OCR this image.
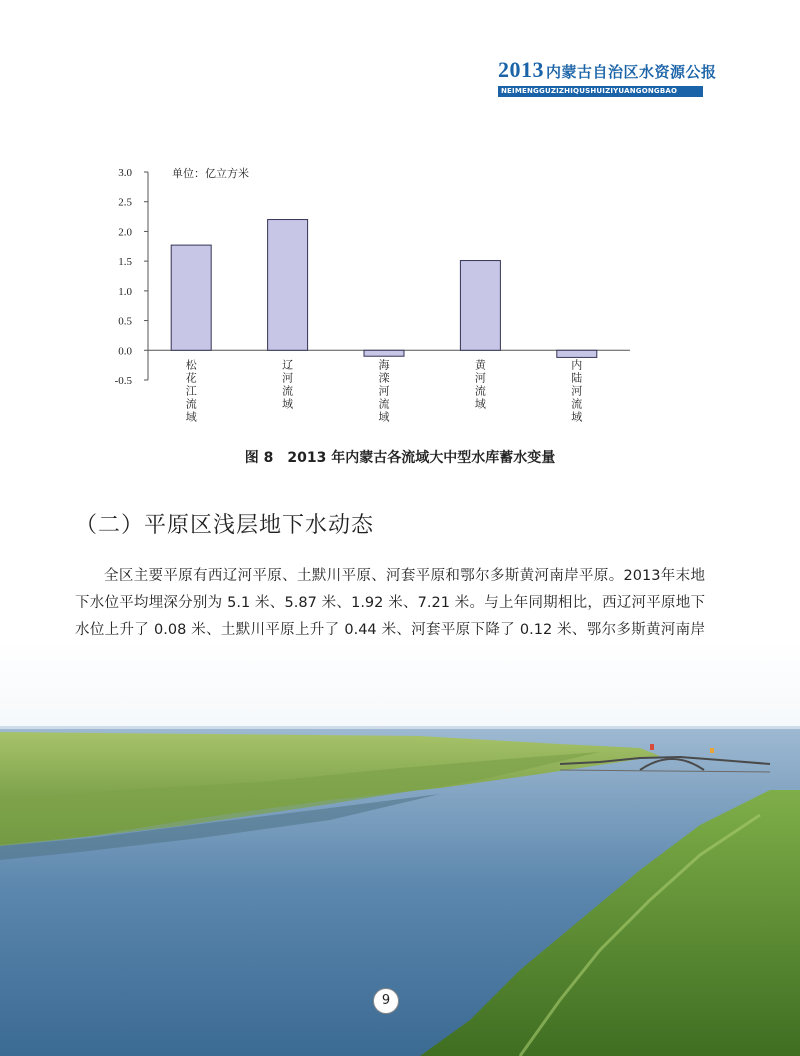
2013 内蒙古自治区水资源公报
NEIMENGGUZIZHIQUSHUIZIYUANGONGBAO
3.0
2.5
2.0
1.5
1.0
0.5
0.0
-0.5
单位：亿立方米
松
花
江
流
域
辽
河
流
域
海
滦
河
流
域
黄
河
流
域
内
陆
河
流
域
图 8 2013 年内蒙古各流域大中型水库蓄水变量
（二）平原区浅层地下水动态

全区主要平原有西辽河平原、土默川平原、河套平原和鄂尔多斯黄河南岸平原。2013年末地下水位平均埋深分别为 5.1 米、5.87 米、1.92 米、7.21 米。与上年同期相比，西辽河平原地下水位上升了 0.08 米、土默川平原上升了 0.44 米、河套平原下降了 0.12 米、鄂尔多斯黄河南岸

9
